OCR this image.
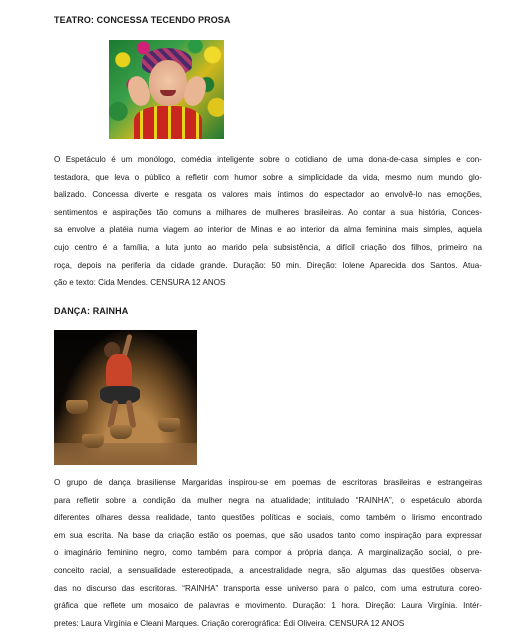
TEATRO: CONCESSA TECENDO PROSA
O Espetáculo é um monólogo, comédia inteligente sobre o cotidiano de uma dona-de-casa simples e con-
testadora, que leva o público a refletir com humor sobre a simplicidade da vida, mesmo num mundo glo-
balizado. Concessa diverte e resgata os valores mais íntimos do espectador ao envolvê-lo nas emoções,
sentimentos e aspirações tão comuns a milhares de mulheres brasileiras. Ao contar a sua história, Conces-
sa envolve a platéia numa viagem ao interior de Minas e ao interior da alma feminina mais simples, aquela
cujo centro é a família, a luta junto ao marido pela subsistência, a difícil criação dos filhos, primeiro na
roça, depois na periferia da cidade grande. Duração: 50 min. Direção: Iolene Aparecida dos Santos. Atua-
ção e texto: Cida Mendes. CENSURA 12 ANOS
DANÇA: RAINHA
O grupo de dança brasiliense Margaridas inspirou-se em poemas de escritoras brasileiras e estrangeiras
para refletir sobre a condição da mulher negra na atualidade; intitulado “RAINHA”, o espetáculo aborda
diferentes olhares dessa realidade, tanto questões políticas e sociais, como também o lirismo encontrado
em sua escrita. Na base da criação estão os poemas, que são usados tanto como inspiração para expressar
o imaginário feminino negro, como também para compor a própria dança. A marginalização social, o pre-
conceito racial, a sensualidade estereotipada, a ancestralidade negra, são algumas das questões observa-
das no discurso das escritoras. “RAINHA” transporta esse universo para o palco, com uma estrutura coreo-
gráfica que reflete um mosaico de palavras e movimento. Duração: 1 hora. Direção: Laura Virgínia. Intér-
pretes: Laura Virgínia e Cleani Marques. Criação corerográfica: Édi Oliveira. CENSURA 12 ANOS
